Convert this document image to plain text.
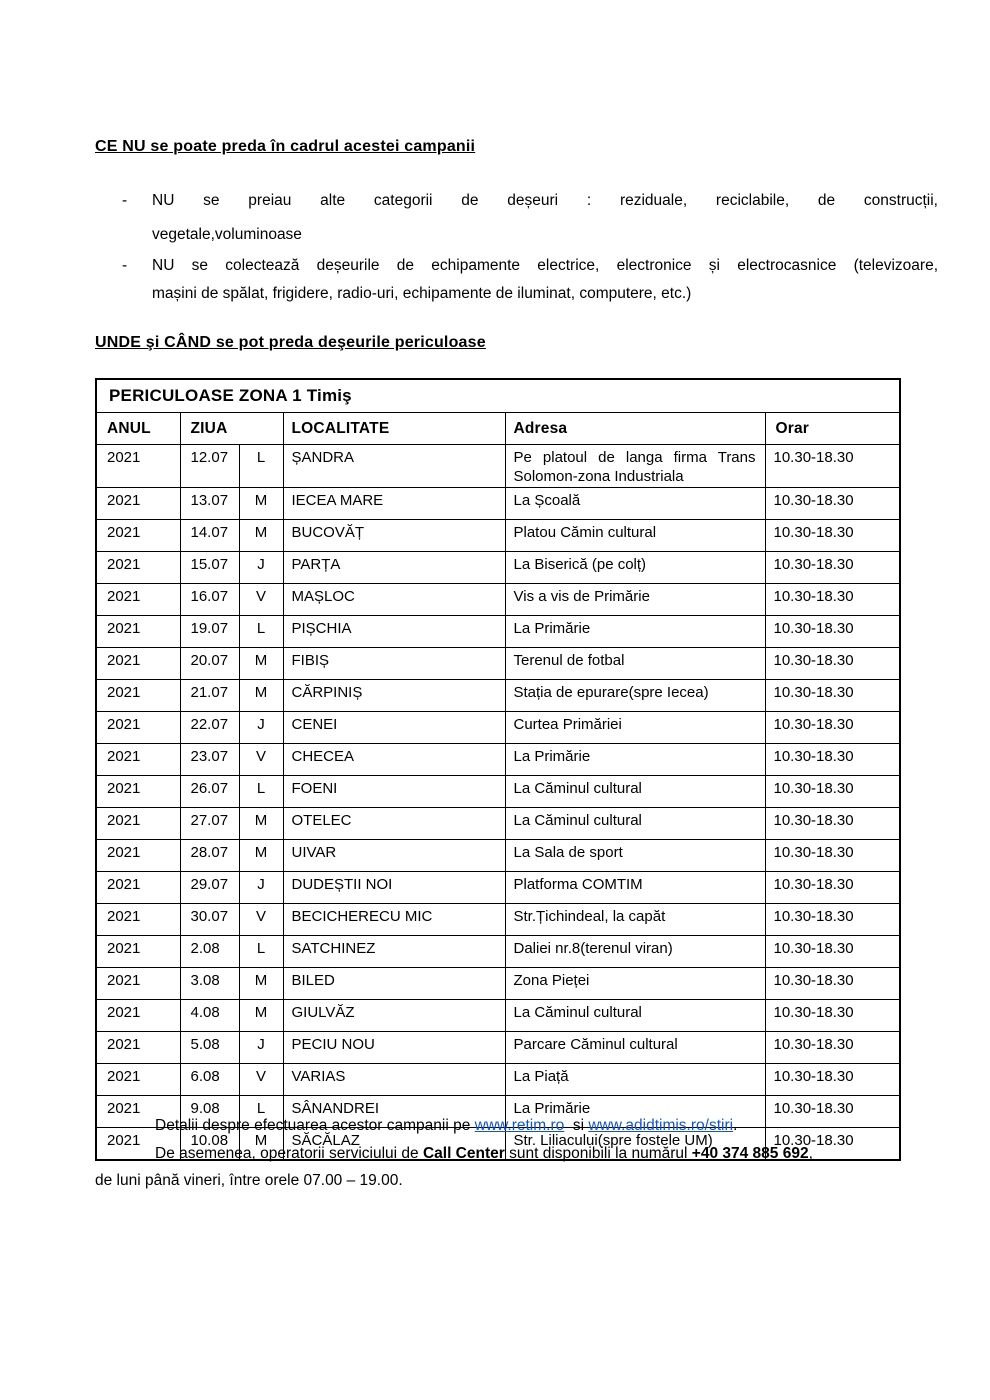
CE NU se poate preda în cadrul acestei campanii
- NU se preiau alte categorii de deșeuri : reziduale, reciclabile, de construcții,
vegetale,voluminoase
- NU se colectează deșeurile de echipamente electrice, electronice și electrocasnice (televizoare,
mașini de spălat, frigidere, radio-uri, echipamente de iluminat, computere, etc.)
UNDE şi CÂND se pot preda deşeurile periculoase
PERICULOASE ZONA 1 Timiş					
ANUL	ZIUA		LOCALITATE	Adresa	Orar
2021	12.07	L	ȘANDRA	Pe platoul de langa firma Trans Solomon-zona Industriala	10.30-18.30
2021	13.07	M	IECEA MARE	La Școală	10.30-18.30
2021	14.07	M	BUCOVĂȚ	Platou Cămin cultural	10.30-18.30
2021	15.07	J	PARȚA	La Biserică (pe colț)	10.30-18.30
2021	16.07	V	MAȘLOC	Vis a vis de Primărie	10.30-18.30
2021	19.07	L	PIȘCHIA	La Primărie	10.30-18.30
2021	20.07	M	FIBIȘ	Terenul de fotbal	10.30-18.30
2021	21.07	M	CĂRPINIȘ	Stația de epurare(spre Iecea)	10.30-18.30
2021	22.07	J	CENEI	Curtea Primăriei	10.30-18.30
2021	23.07	V	CHECEA	La Primărie	10.30-18.30
2021	26.07	L	FOENI	La Căminul cultural	10.30-18.30
2021	27.07	M	OTELEC	La Căminul cultural	10.30-18.30
2021	28.07	M	UIVAR	La Sala de sport	10.30-18.30
2021	29.07	J	DUDEȘTII NOI	Platforma COMTIM	10.30-18.30
2021	30.07	V	BECICHERECU MIC	Str.Țichindeal, la capăt	10.30-18.30
2021	2.08	L	SATCHINEZ	Daliei nr.8(terenul viran)	10.30-18.30
2021	3.08	M	BILED	Zona Pieței	10.30-18.30
2021	4.08	M	GIULVĂZ	La Căminul cultural	10.30-18.30
2021	5.08	J	PECIU NOU	Parcare Căminul cultural	10.30-18.30
2021	6.08	V	VARIAS	La Piață	10.30-18.30
2021	9.08	L	SÂNANDREI	La Primărie	10.30-18.30
2021	10.08	M	SĂCĂLAZ	Str. Liliacului(spre fostele UM)	10.30-18.30
Detalii despre efectuarea acestor campanii pe www.retim.ro  si www.adidtimis.ro/stiri.
De asemenea, operatorii serviciului de Call Center sunt disponibili la numărul +40 374 885 692,
de luni până vineri, între orele 07.00 – 19.00.
